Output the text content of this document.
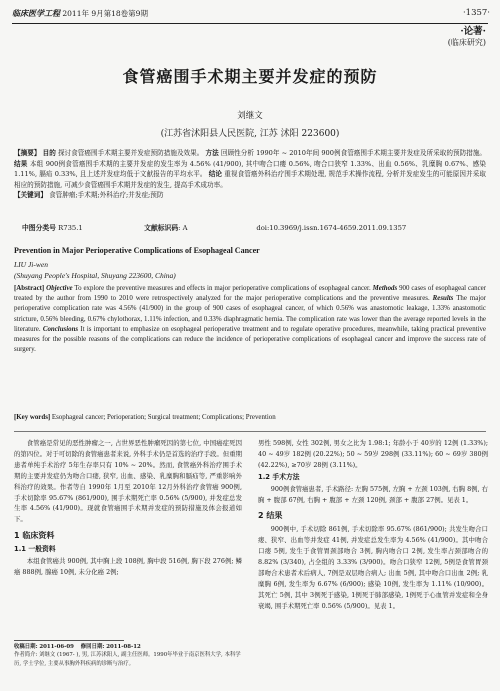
临床医学工程 2011年 9月第18卷第9期	·1357·
·论著·
(临床研究)
食管癌围手术期主要并发症的预防
刘继文
(江苏省沭阳县人民医院, 江苏 沭阳 223600)
【摘要】 目的 探讨食管癌围手术期主要并发症预防措施及效果。 方法 回顾性分析 1990年 ~ 2010年间 900例食管癌围手术期主要并发症及所采取的预防措施。 结果 本组 900例食管癌围手术期的主要并发症的发生率为 4.56% (41/900), 其中吻合口瘘 0.56%, 吻合口狭窄 1.33%、出血 0.56%、乳糜胸 0.67%、感染 1.11%, 膈疝 0.33%, 且上述并发症均低于文献报告的平均水平。 结论 重视食管癌外科治疗围手术期处理, 规范手术操作流程, 分析并发症发生的可能原因并采取相应的预防措施, 可减少食管癌围手术期并发症的发生, 提高手术成功率。
【关键词】 食管肿瘤;手术期;外科治疗;并发症;预防
中图分类号 R735.1	文献标识码: A	doi:10.3969/j.issn.1674-4659.2011.09.1357
Prevention in Major Perioperative Complications of Esophageal Cancer
LIU Ji-wen
(Shuyang People's Hospital, Shuyang 223600, China)
[Abstract] Objective To explore the preventive measures and effects in major perioperative complications of esophageal cancer. Methods 900 cases of esophageal cancer treated by the author from 1990 to 2010 were retrospectively analyzed for the major perioperative complications and the preventive measures. Results The major perioperative complication rate was 4.56% (41/900) in the group of 900 cases of esophageal cancer, of which 0.56% was anastomotic leakage, 1.33% anastomotic stricture, 0.56% bleeding, 0.67% chylothorax, 1.11% infection, and 0.33% diaphragmatic hernia. The complication rate was lower than the average reported levels in the literature. Conclusions It is important to emphasize on esophageal perioperative treatment and to regulate operative procedures, meanwhile, taking practical preventive measures for the possible reasons of the complications can reduce the incidence of perioperative complications of esophageal cancer and improve the success rate of surgery.
[Key words] Esophageal cancer; Perioperation; Surgical treatment; Complications; Prevention

食管癌是常见的恶性肿瘤之一, 占世界恶性肿瘤死因的第七位, 中国癌症死因的第四位。对于可切除的食管癌患者来说, 外科手术仍是首选的治疗手段。但重期患者单纯手术治疗 5年生存率只有 10% ~ 20%。然而, 食管癌外科治疗围手术期的主要并发症仍为吻合口瘘, 狭窄, 出血、感染、乳糜胸和膈疝等, 严重影响外科治疗的效果。作者等自 1990年 1月至 2010年 12月外科治疗食管癌 900例, 手术切除率 95.67% (861/900), 围手术期死亡率 0.56% (5/900), 并发症总发生率 4.56% (41/900)。现就食管癌围手术期并发症的预防措施及体会报道如下。

1 临床资料
1.1 一般资料

本组食管癌共 900例, 其中胸上段 108例, 胸中段 516例, 胸下段 276例; 鳞癌 888例, 腺癌 10例, 未分化癌 2例;

男性 598例, 女性 302例, 男女之比为 1.98:1; 年龄小于 40岁的 12例 (1.33%); 40 ~ 49岁 182例 (20.22%); 50 ~ 59岁 298例 (33.11%); 60 ~ 69岁 380例 (42.22%), ≥70岁 28例 (3.11%)。

1.2 手术方法

900例食管癌患者, 手术路径: 左胸 575例, 左胸 + 左颈 103例, 右胸 8例, 右胸 + 腹部 67例, 右胸 + 腹部 + 左颈 120例, 颈部 + 腹部 27例。见表 1。

2 结果

900例中, 手术切除 861例, 手术切除率 95.67% (861/900); 共发生吻合口瘘、狭窄、出血等并发症 41例, 并发症总发生率为 4.56% (41/900)。其中吻合口瘘 5例, 发生于食管胃颈部吻合 3例, 胸内吻合口 2例, 发生率占颈部吻合的 8.82% (3/340), 占全组的 3.33% (3/900)。吻合口狭窄 12例, 5例是食管胃颈部吻合术患者术后病人, 7例是双层吻合病人; 出血 5例, 其中吻合口出血 2例; 乳糜胸 6例, 发生率为 6.67% (6/900); 感染 10例, 发生率为 1.11% (10/900)。其死亡 5例, 其中 3例死于感染, 1例死于肺部感染, 1例死于心血管并发症和全身衰竭, 围手术期死亡率 0.56% (5/900)。见表 1。

收稿日期: 2011-06-09 修回日期: 2011-08-12
作者简介: 刘继文 (1967- ), 男, 江苏沭阳人, 副主任医师。1990年毕业于南京医科大学, 本科学历, 学士学位, 主要从事胸外科疾病的诊断与治疗。
